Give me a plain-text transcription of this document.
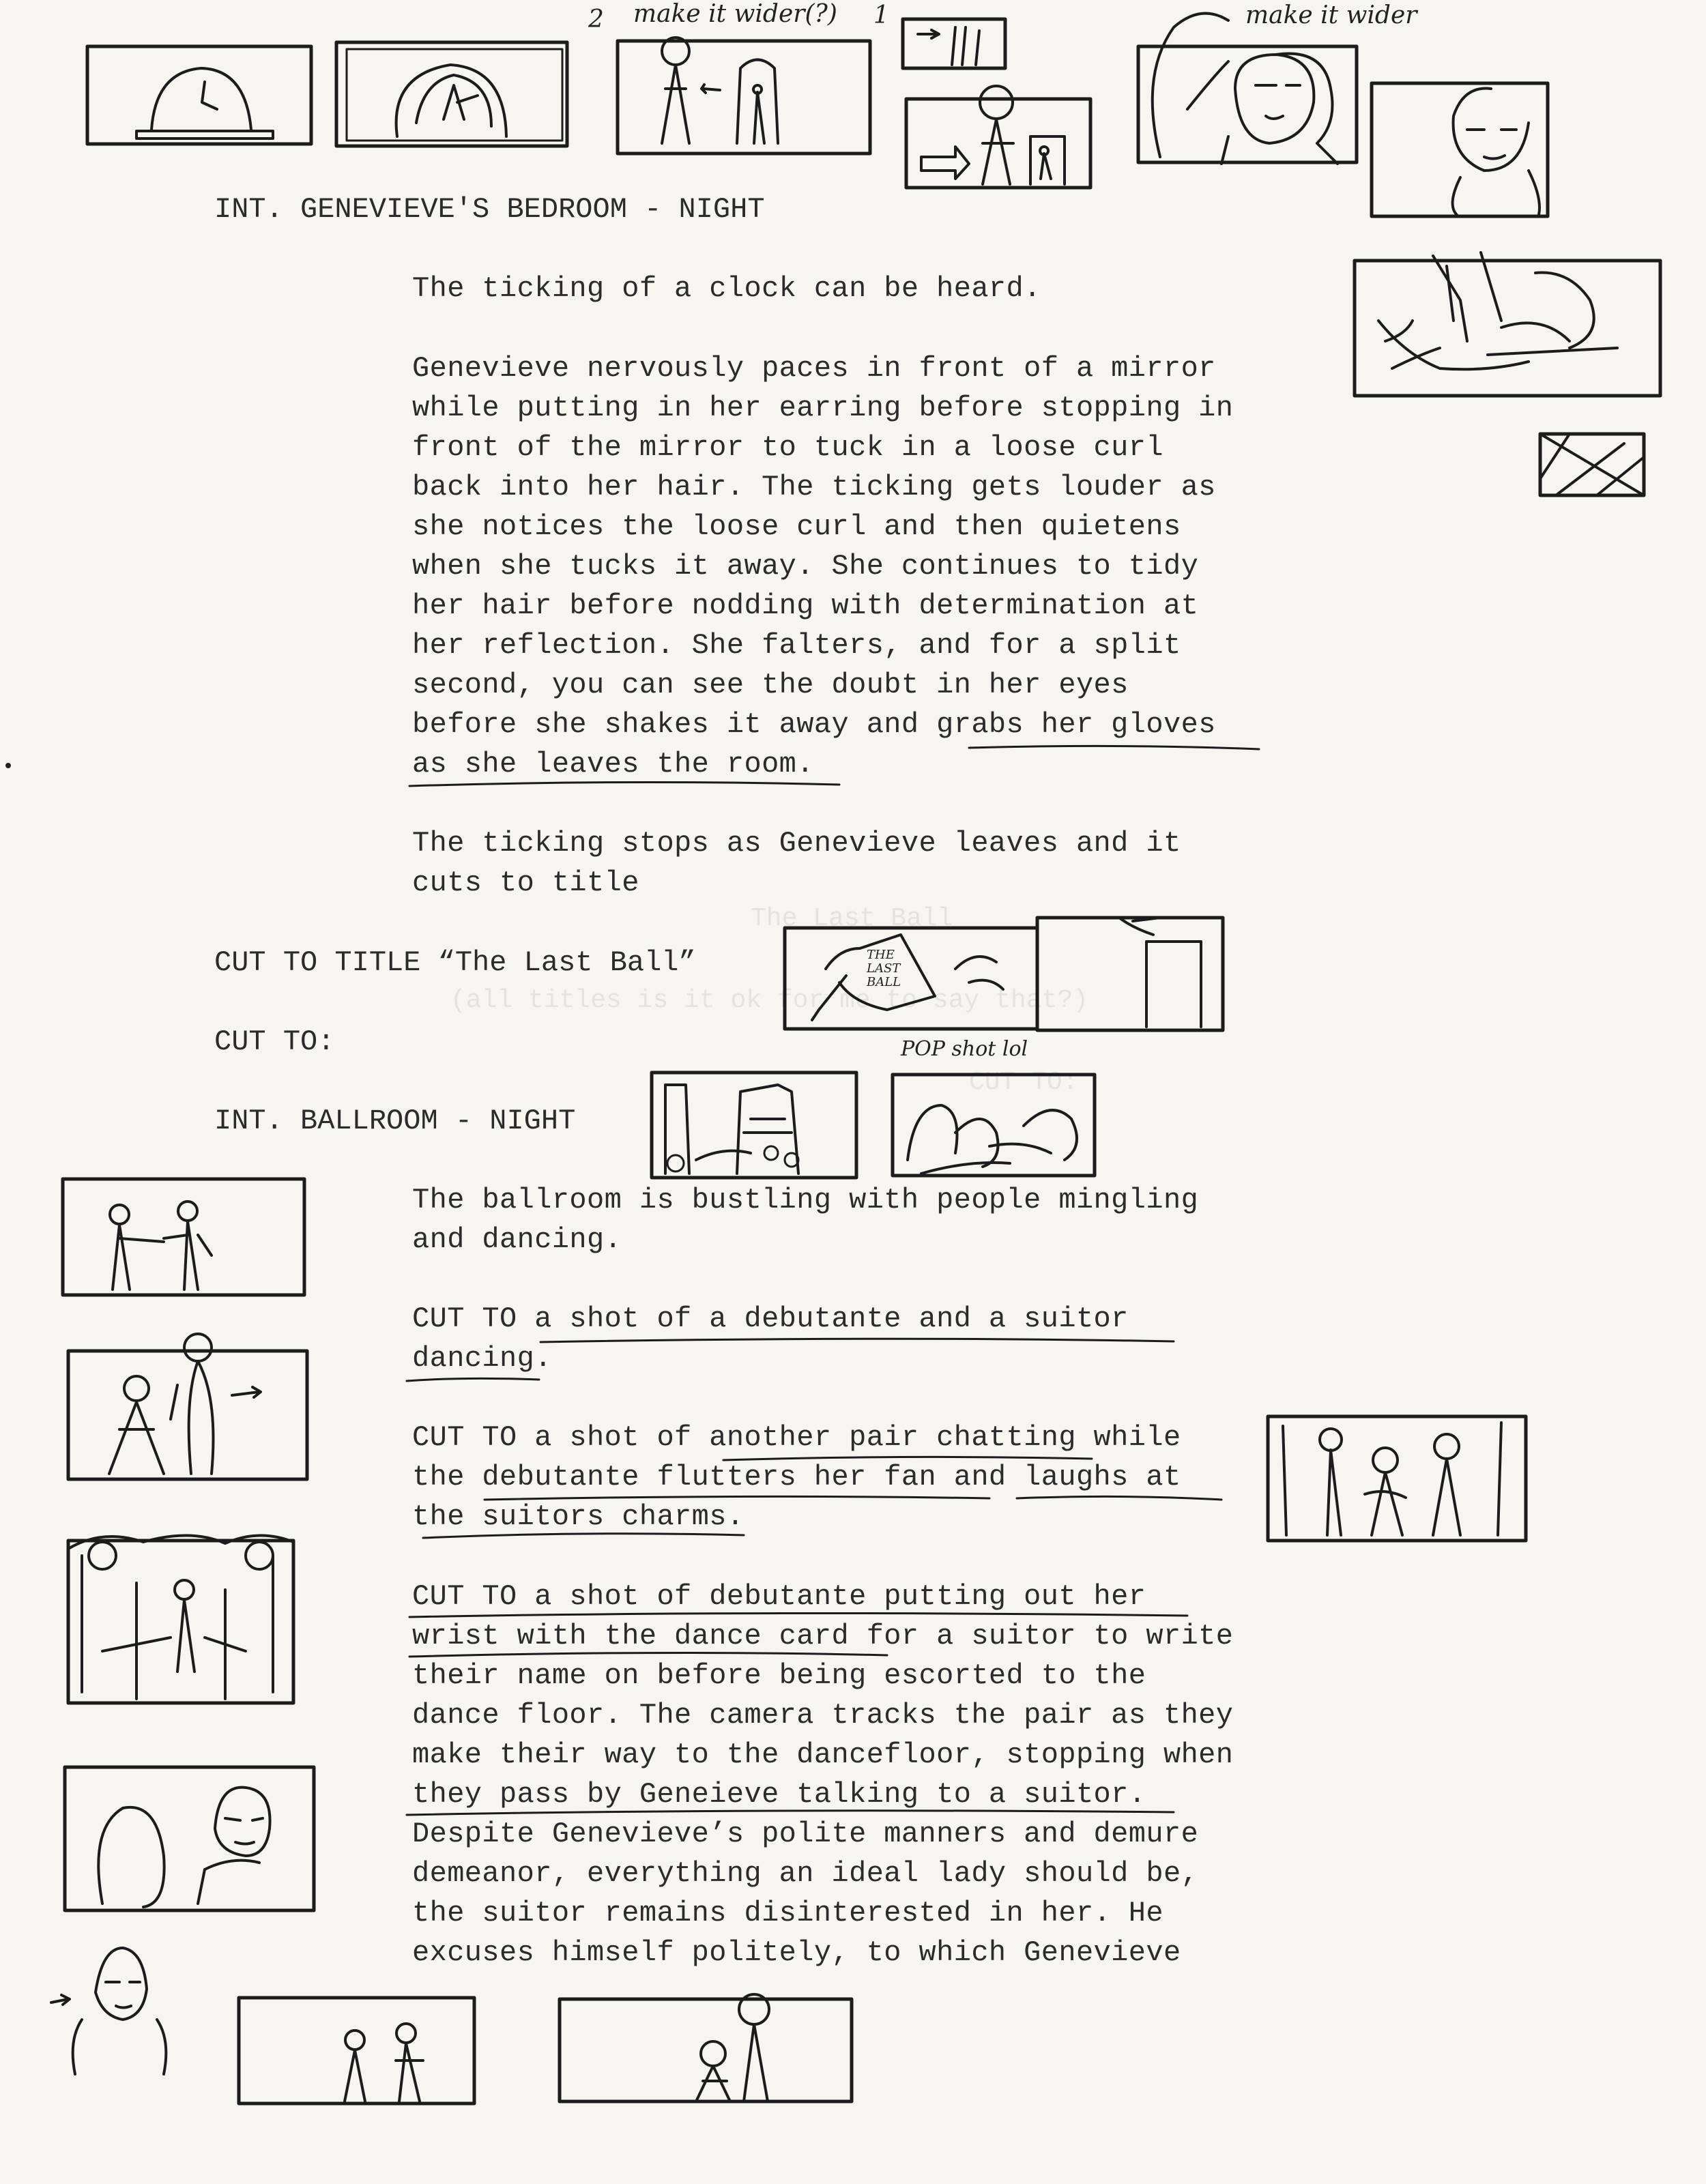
The Last Ball
(all titles is it ok for me to say that?)
CUT TO:
2 make it wider(?) 1	make it wider
POP shot lol
THE LAST BALL
INT. GENEVIEVE'S BEDROOM - NIGHT
The ticking of a clock can be heard.
Genevieve nervously paces in front of a mirror
while putting in her earring before stopping in
front of the mirror to tuck in a loose curl
back into her hair. The ticking gets louder as
she notices the loose curl and then quietens
when she tucks it away. She continues to tidy
her hair before nodding with determination at
her reflection. She falters, and for a split
second, you can see the doubt in her eyes
before she shakes it away and grabs her gloves
as she leaves the room.
The ticking stops as Genevieve leaves and it
cuts to title
CUT TO TITLE “The Last Ball”
CUT TO:
INT. BALLROOM - NIGHT
The ballroom is bustling with people mingling
and dancing.
CUT TO a shot of a debutante and a suitor
dancing.
CUT TO a shot of another pair chatting while
the debutante flutters her fan and laughs at
the suitors charms.
CUT TO a shot of debutante putting out her
wrist with the dance card for a suitor to write
their name on before being escorted to the
dance floor. The camera tracks the pair as they
make their way to the dancefloor, stopping when
they pass by Geneieve talking to a suitor.
Despite Genevieve’s polite manners and demure
demeanor, everything an ideal lady should be,
the suitor remains disinterested in her. He
excuses himself politely, to which Genevieve
